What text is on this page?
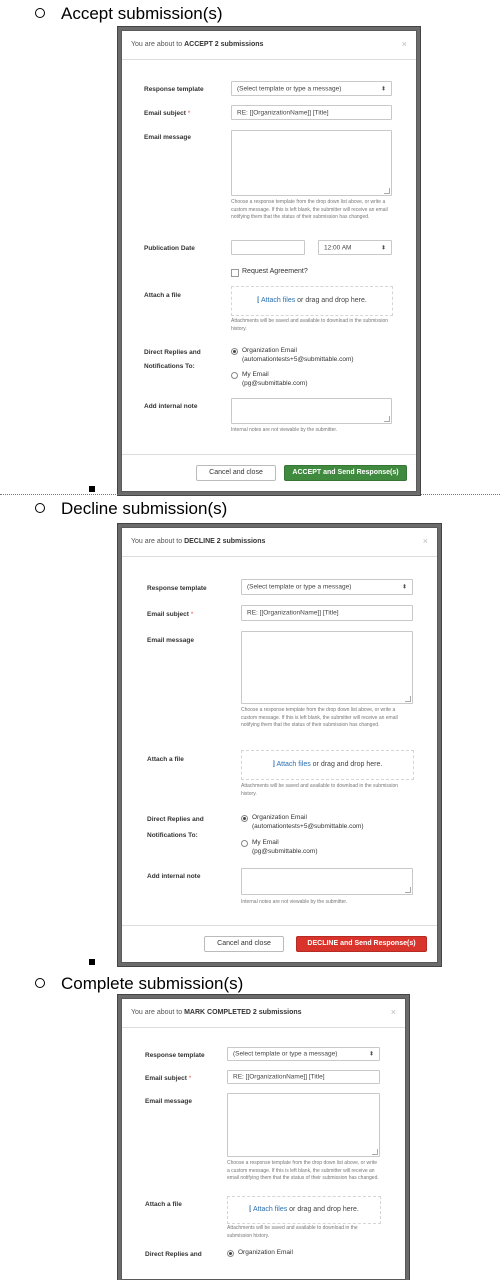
Accept submission(s)
You are about to ACCEPT 2 submissions	×
Response template	(Select template or type a message)	⬍
Email subject *	RE: [[OrganizationName]] [Title]
Email message
Choose a response template from the drop down list above, or write a custom message. If this is left blank, the submitter will receive an email notifying them that the status of their submission has changed.
Publication Date	12:00 AM	⬍
Request Agreement?
Attach a file
⫿ Attach files or drag and drop here.
Attachments will be saved and available to download in the submission history.
Direct Replies and
Notifications To:
Organization Email
(automationtests+5@submittable.com)
My Email
(pg@submittable.com)
Add internal note
Internal notes are not viewable by the submitter.
Cancel and close	ACCEPT and Send Response(s)
Decline submission(s)
You are about to DECLINE 2 submissions	×
Response template	(Select template or type a message)	⬍
Email subject *	RE: [[OrganizationName]] [Title]
Email message
Choose a response template from the drop down list above, or write a custom message. If this is left blank, the submitter will receive an email notifying them that the status of their submission has changed.
Attach a file
⫿ Attach files or drag and drop here.
Attachments will be saved and available to download in the submission history.
Direct Replies and
Notifications To:
Organization Email
(automationtests+5@submittable.com)
My Email
(pg@submittable.com)
Add internal note
Internal notes are not viewable by the submitter.
Cancel and close	DECLINE and Send Response(s)
Complete submission(s)
You are about to MARK COMPLETED 2 submissions	×
Response template	(Select template or type a message)	⬍
Email subject *	RE: [[OrganizationName]] [Title]
Email message
Choose a response template from the drop down list above, or write a custom message. If this is left blank, the submitter will receive an email notifying them that the status of their submission has changed.
Attach a file
⫿ Attach files or drag and drop here.
Attachments will be saved and available to download in the submission history.
Direct Replies and	Organization Email
